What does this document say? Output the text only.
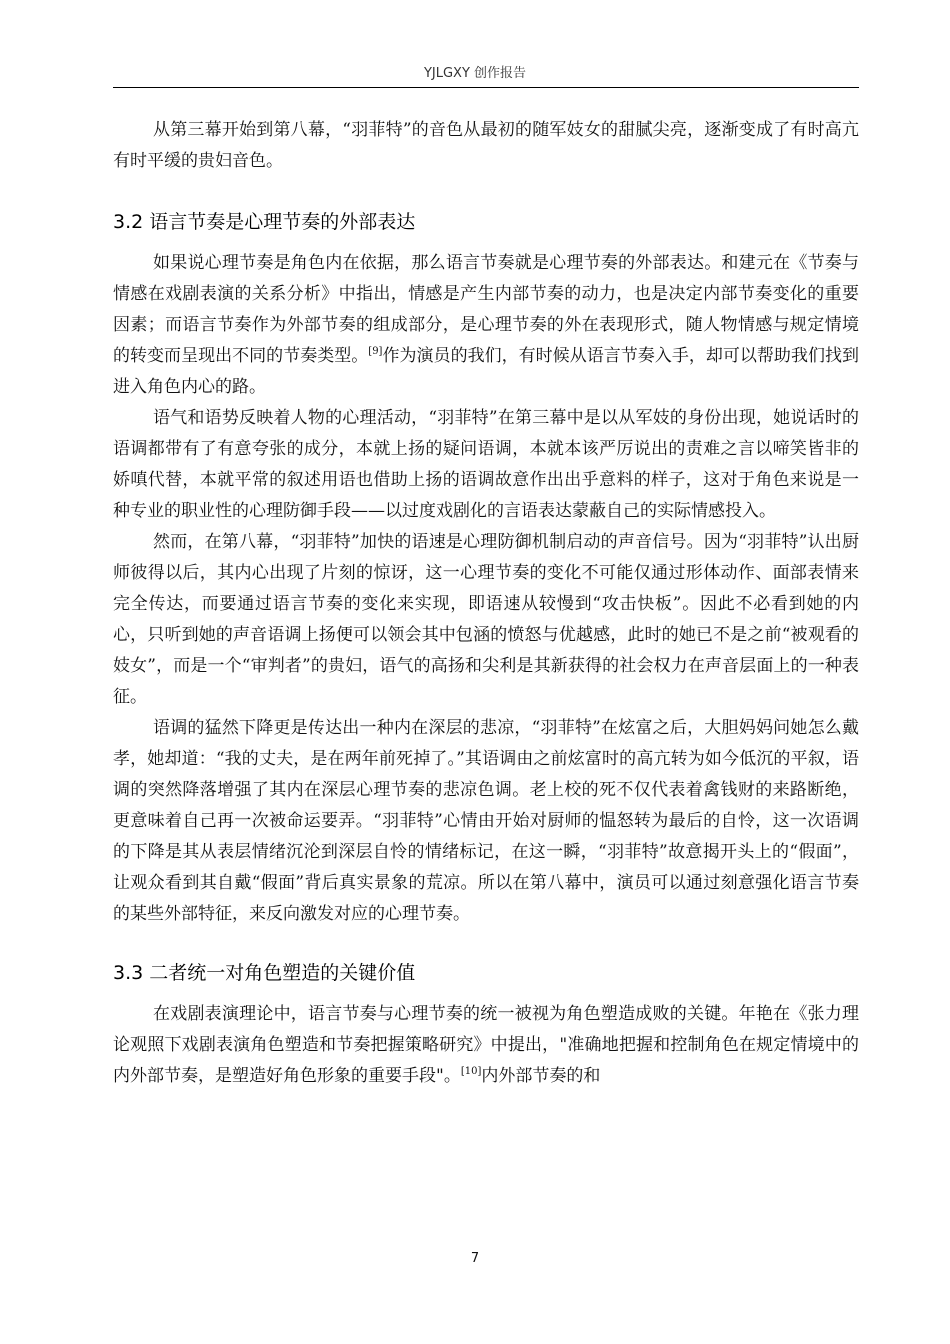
YJLGXY 创作报告

从第三幕开始到第八幕，“羽菲特”的音色从最初的随军妓女的甜腻尖亮，逐渐变成了有时高亢有时平缓的贵妇音色。

3.2 语言节奏是心理节奏的外部表达

如果说心理节奏是角色内在依据，那么语言节奏就是心理节奏的外部表达。和建元在《节奏与情感在戏剧表演的关系分析》中指出，情感是产生内部节奏的动力，也是决定内部节奏变化的重要因素；而语言节奏作为外部节奏的组成部分，是心理节奏的外在表现形式，随人物情感与规定情境的转变而呈现出不同的节奏类型。[9]作为演员的我们，有时候从语言节奏入手，却可以帮助我们找到进入角色内心的路。

语气和语势反映着人物的心理活动，“羽菲特”在第三幕中是以从军妓的身份出现，她说话时的语调都带有了有意夸张的成分，本就上扬的疑问语调，本就本该严厉说出的责难之言以啼笑皆非的娇嗔代替，本就平常的叙述用语也借助上扬的语调故意作出出乎意料的样子，这对于角色来说是一种专业的职业性的心理防御手段——以过度戏剧化的言语表达蒙蔽自己的实际情感投入。

然而，在第八幕，“羽菲特”加快的语速是心理防御机制启动的声音信号。因为“羽菲特”认出厨师彼得以后，其内心出现了片刻的惊讶，这一心理节奏的变化不可能仅通过形体动作、面部表情来完全传达，而要通过语言节奏的变化来实现，即语速从较慢到“攻击快板”。因此不必看到她的内心，只听到她的声音语调上扬便可以领会其中包涵的愤怒与优越感，此时的她已不是之前“被观看的妓女”，而是一个“审判者”的贵妇，语气的高扬和尖利是其新获得的社会权力在声音层面上的一种表征。

语调的猛然下降更是传达出一种内在深层的悲凉，“羽菲特”在炫富之后，大胆妈妈问她怎么戴孝，她却道：“我的丈夫，是在两年前死掉了。”其语调由之前炫富时的高亢转为如今低沉的平叙，语调的突然降落增强了其内在深层心理节奏的悲凉色调。老上校的死不仅代表着禽钱财的来路断绝，更意味着自己再一次被命运要弄。“羽菲特”心情由开始对厨师的愠怒转为最后的自怜，这一次语调的下降是其从表层情绪沉沦到深层自怜的情绪标记，在这一瞬，“羽菲特”故意揭开头上的“假面”，让观众看到其自戴“假面”背后真实景象的荒凉。所以在第八幕中，演员可以通过刻意强化语言节奏的某些外部特征，来反向激发对应的心理节奏。

3.3 二者统一对角色塑造的关键价值

在戏剧表演理论中，语言节奏与心理节奏的统一被视为角色塑造成败的关键。年艳在《张力理论观照下戏剧表演角色塑造和节奏把握策略研究》中提出，"准确地把握和控制角色在规定情境中的内外部节奏，是塑造好角色形象的重要手段"。[10]内外部节奏的和

7
